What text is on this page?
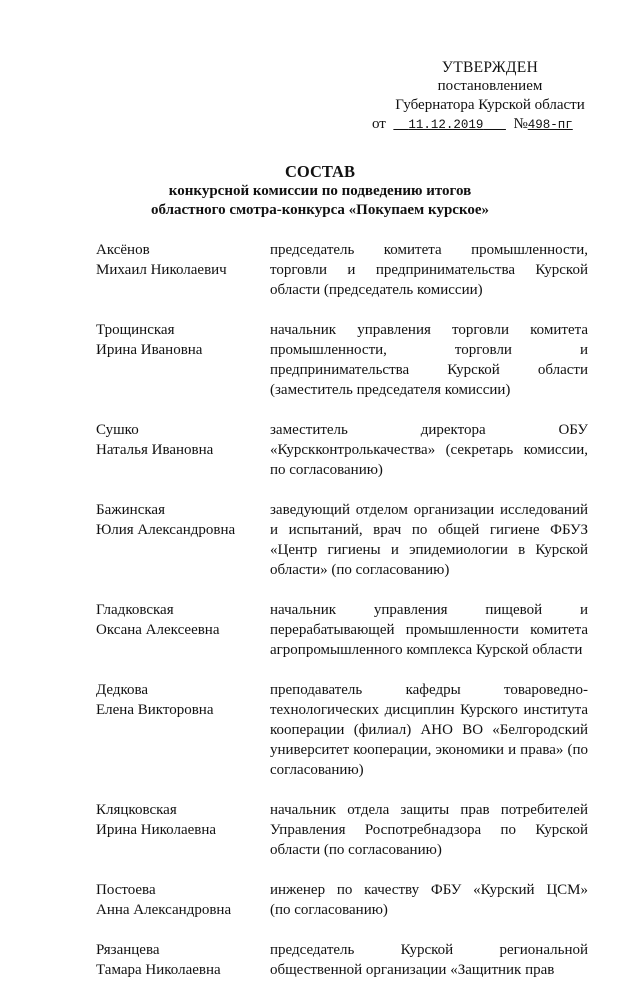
УТВЕРЖДЕН
постановлением
Губернатора Курской области
от 11.12.2019 №498-пг
СОСТАВ
конкурсной комиссии по подведению итогов
областного смотра-конкурса «Покупаем курское»
Аксёнов
Михаил Николаевич
председатель комитета промышленности,
торговли и предпринимательства Курской
области (председатель комиссии)
Трощинская
Ирина Ивановна
начальник управления торговли комитета
промышленности, торговли и
предпринимательства Курской области
(заместитель председателя комиссии)
Сушко
Наталья Ивановна
заместитель директора ОБУ
«Курскконтролькачества» (секретарь комиссии,
по согласованию)
Бажинская
Юлия Александровна
заведующий отделом организации исследований
и испытаний, врач по общей гигиене ФБУЗ
«Центр гигиены и эпидемиологии в Курской
области» (по согласованию)
Гладковская
Оксана Алексеевна
начальник управления пищевой и
перерабатывающей промышленности комитета
агропромышленного комплекса Курской области
Дедкова
Елена Викторовна
преподаватель кафедры товароведно-
технологических дисциплин Курского института
кооперации (филиал) АНО ВО «Белгородский
университет кооперации, экономики и права» (по
согласованию)
Кляцковская
Ирина Николаевна
начальник отдела защиты прав потребителей
Управления Роспотребнадзора по Курской
области (по согласованию)
Постоева
Анна Александровна
инженер по качеству ФБУ «Курский ЦСМ»
(по согласованию)
Рязанцева
Тамара Николаевна
председатель Курской региональной
общественной организации «Защитник прав
